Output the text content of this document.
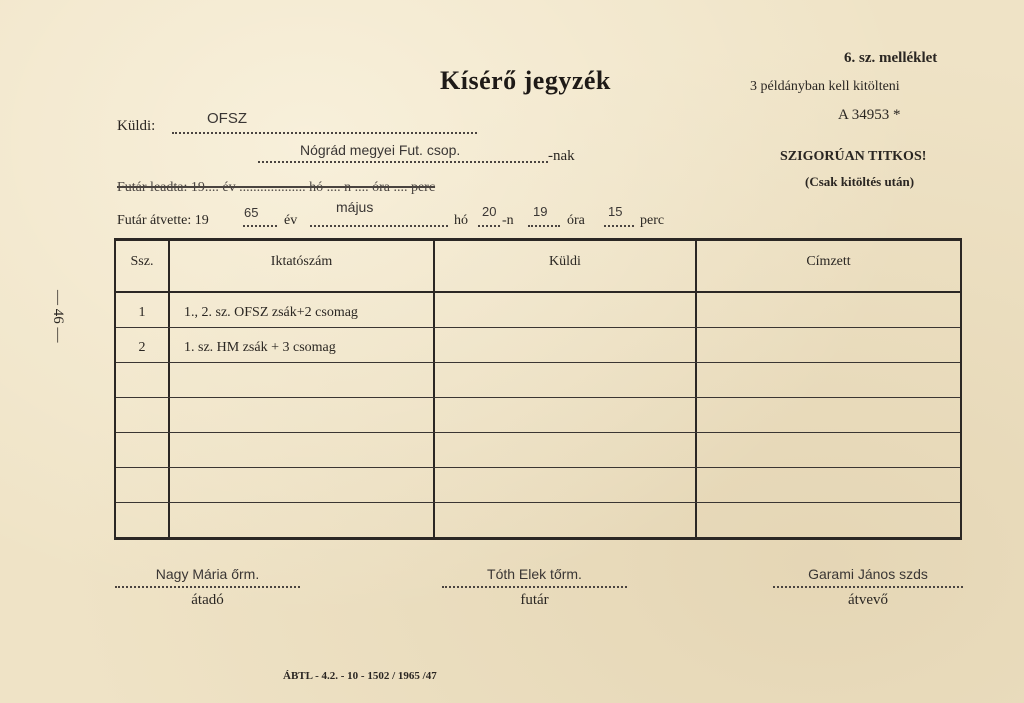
Kísérő jegyzék
6. sz. melléklet
3 példányban kell kitölteni
A 34953 *
SZIGORÚAN TITKOS!
(Csak kitöltés után)
Küldi:	OFSZ
Nógrád megyei Fut. csop.	-nak
Futár leadta: 19.... év ................... hó .... n .... óra .... perc
Futár átvette: 19
65
év
május
hó
20
-n
19
óra
15
perc
— 46 —
Ssz.	Iktatószám	Küldi	Címzett
1	1., 2. sz. OFSZ zsák+2 csomag
2	1. sz. HM zsák + 3 csomag
Nagy Mária őrm.
átadó
Tóth Elek tőrm.
futár
Garami János szds
átvevő
ÁBTL - 4.2. - 10 - 1502 / 1965 /47
